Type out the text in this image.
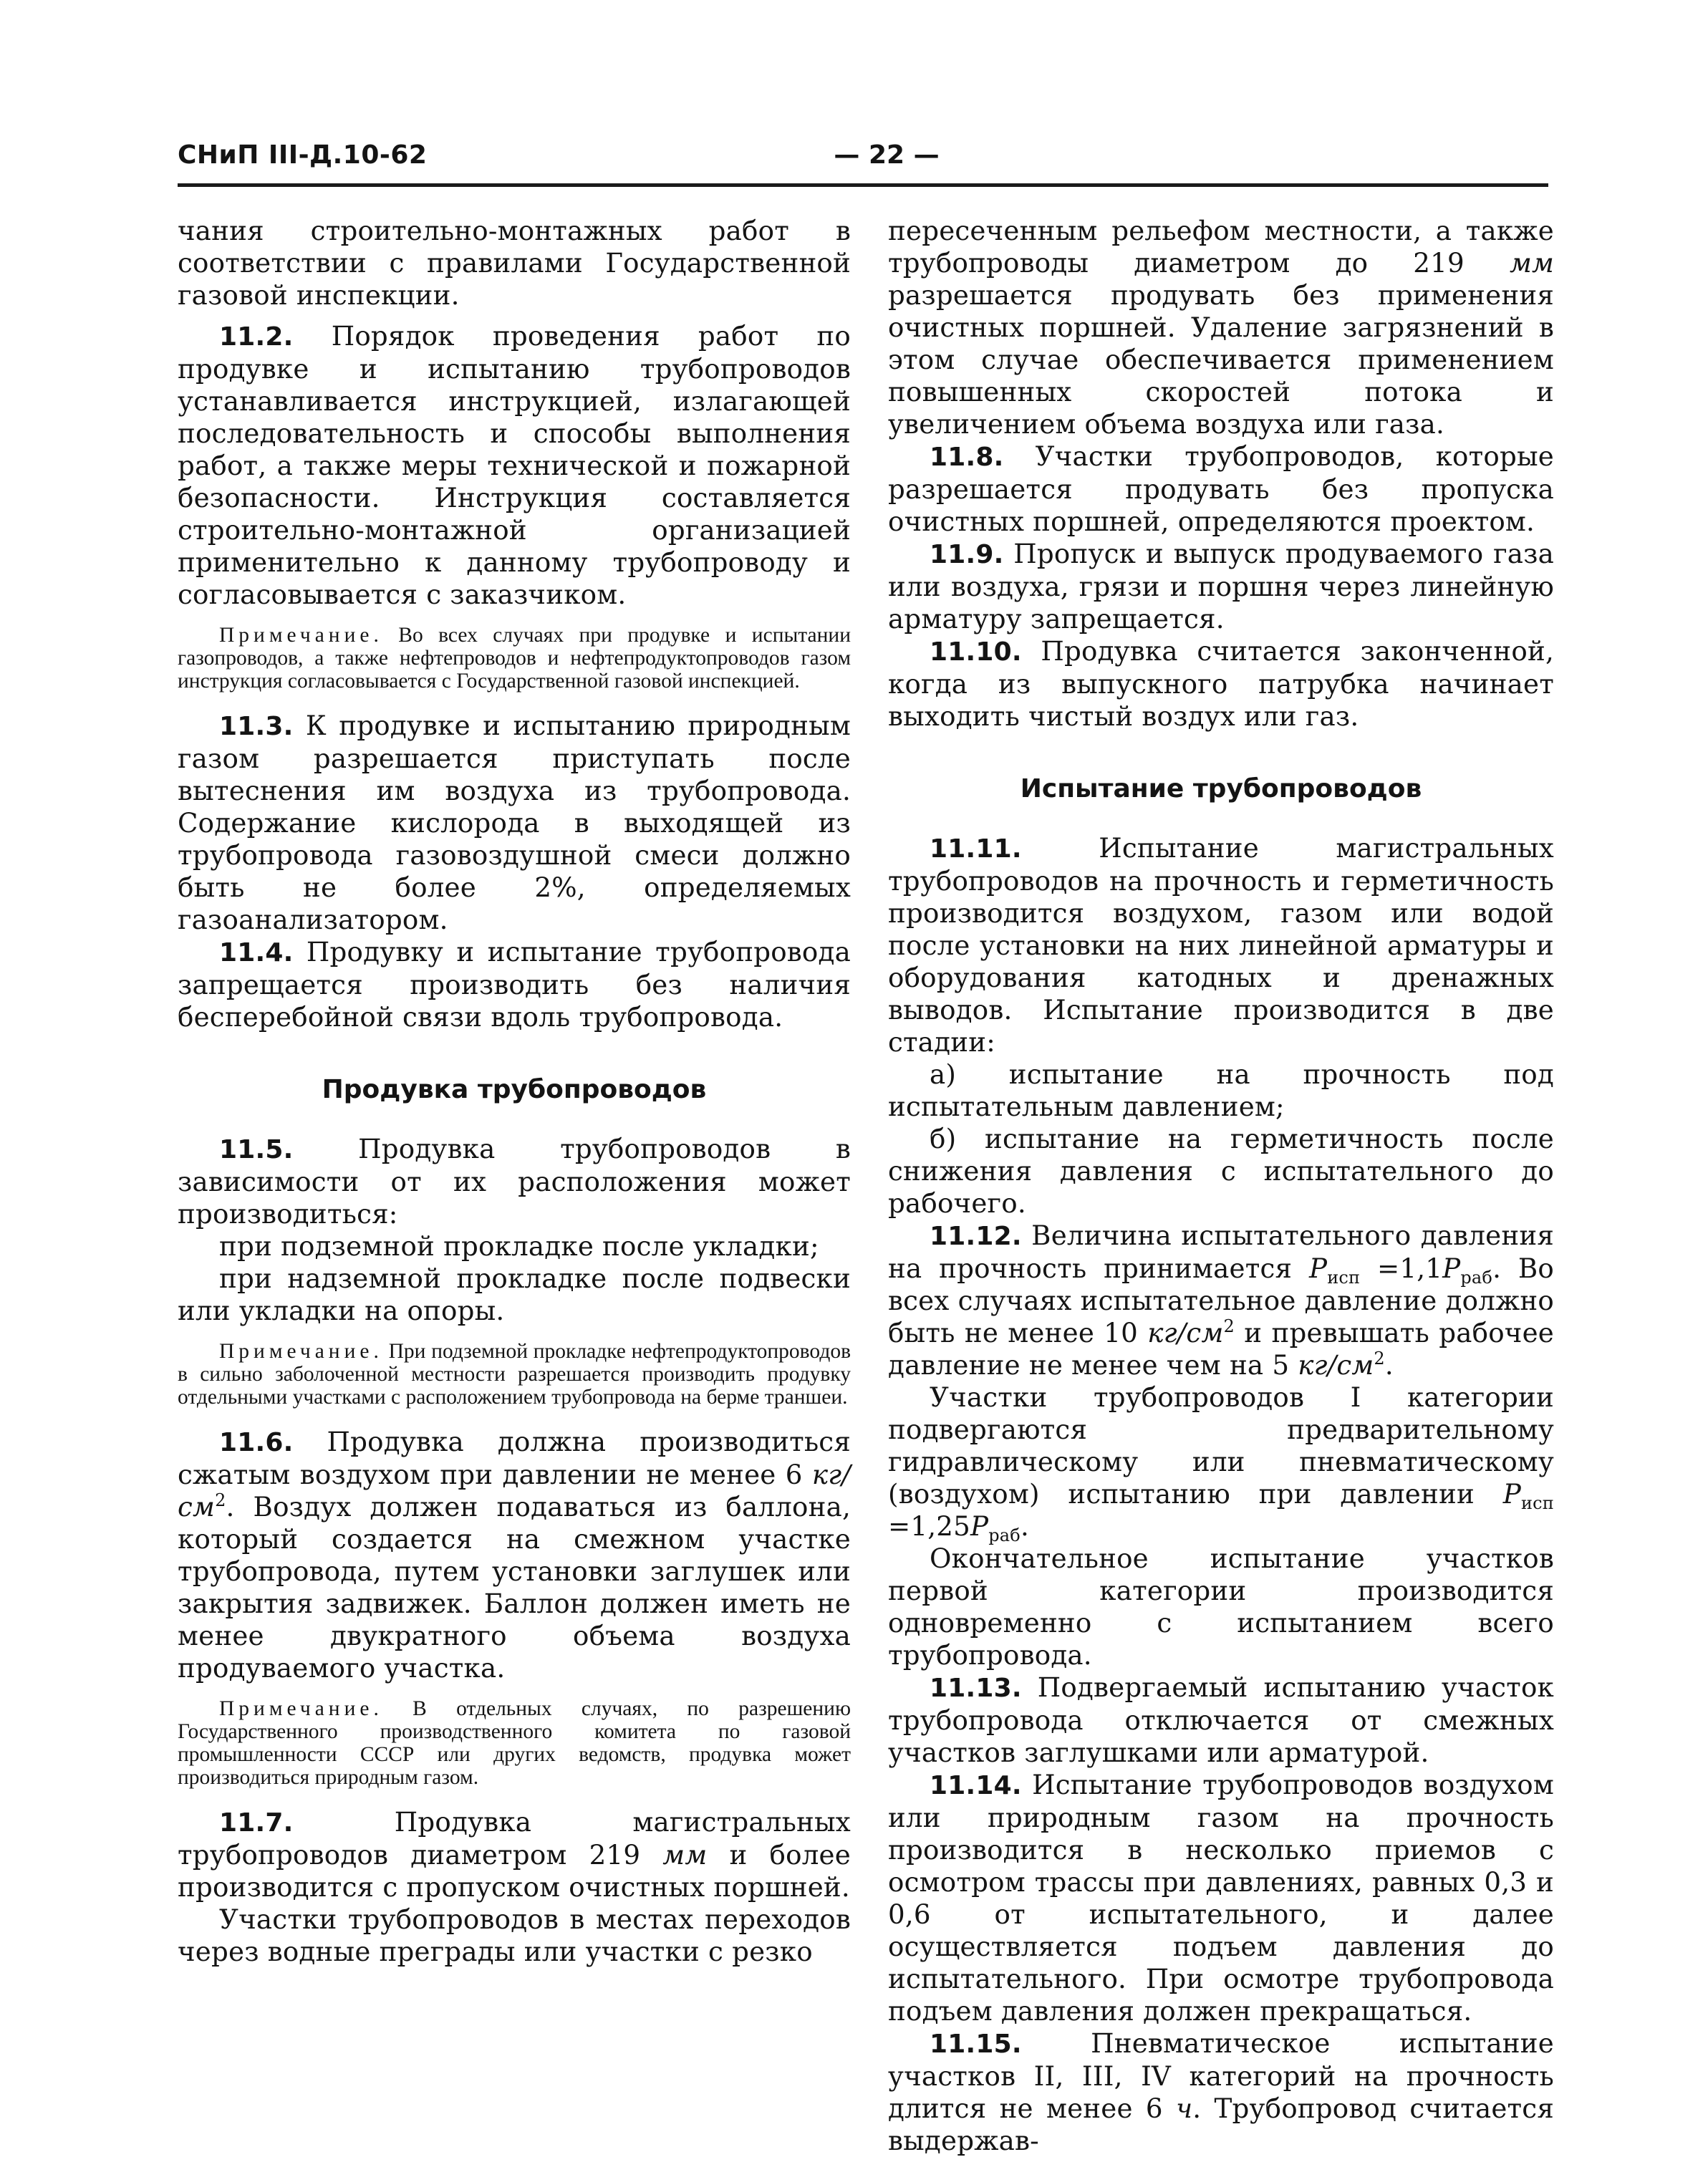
СНиП III-Д.10-62	— 22 —

чания строительно-монтажных работ в соответствии с правилами Государственной газовой инспекции.

11.2. Порядок проведения работ по продувке и испытанию трубопроводов устанавливается инструкцией, излагающей последовательность и способы выполнения работ, а также меры технической и пожарной безопасности. Инструкция составляется строительно-монтажной организацией применительно к данному трубопроводу и согласовывается с заказчиком.

Примечание. Во всех случаях при продувке и испытании газопроводов, а также нефтепроводов и нефтепродуктопроводов газом инструкция согласовывается с Государственной газовой инспекцией.

11.3. К продувке и испытанию природным газом разрешается приступать после вытеснения им воздуха из трубопровода. Содержание кислорода в выходящей из трубопровода газовоздушной смеси должно быть не более 2%, определяемых газоанализатором.

11.4. Продувку и испытание трубопровода запрещается производить без наличия бесперебойной связи вдоль трубопровода.

Продувка трубопроводов

11.5. Продувка трубопроводов в зависимости от их расположения может производиться:

при подземной прокладке после укладки;

при надземной прокладке после подвески или укладки на опоры.

Примечание. При подземной прокладке нефтепродуктопроводов в сильно заболоченной местности разрешается производить продувку отдельными участками с расположением трубопровода на берме траншеи.

11.6. Продувка должна производиться сжатым воздухом при давлении не менее 6 $кг/см^2$. Воздух должен подаваться из баллона, который создается на смежном участке трубопровода, путем установки заглушек или закрытия задвижек. Баллон должен иметь не менее двукратного объема воздуха продуваемого участка.

Примечание. В отдельных случаях, по разрешению Государственного производственного комитета по газовой промышленности СССР или других ведомств, продувка может производиться природным газом.

11.7.	Продувка магистральных трубопроводов диаметром 219 мм и более производится с пропуском очистных поршней.

Участки трубопроводов в местах переходов через водные преграды или участки с резко

пересеченным рельефом местности, а также трубопроводы диаметром до 219 мм разрешается продувать без применения очистных поршней. Удаление загрязнений в этом случае обеспечивается применением повышенных скоростей потока и увеличением объема воздуха или газа.

11.8. Участки трубопроводов, которые разрешается продувать без пропуска очистных поршней, определяются проектом.

11.9. Пропуск и выпуск продуваемого газа или воздуха, грязи и поршня через линейную арматуру запрещается.

11.10. Продувка считается законченной, когда из выпускного патрубка начинает выходить чистый воздух или газ.

Испытание трубопроводов

11.11.	Испытание магистральных трубопроводов на прочность и герметичность производится воздухом, газом или водой после установки на них линейной арматуры и оборудования катодных и дренажных выводов. Испытание производится в две стадии:

а) испытание на прочность под испытательным давлением;

б) испытание на герметичность после снижения давления с испытательного до рабочего.

11.12. Величина испытательного давления на прочность принимается $P_{исп} =1,1P_{раб}$. Во всех случаях испытательное давление должно быть не менее 10 $кг/см^2$ и превышать рабочее давление не менее чем на 5 $кг/см^2$.

Участки трубопроводов I категории подвергаются предварительному гидравлическому или пневматическому (воздухом) испытанию при давлении $P_{исп} =1,25P_{раб}$.

Окончательное испытание участков первой категории производится одновременно с испытанием всего трубопровода.

11.13. Подвергаемый испытанию участок трубопровода отключается от смежных участков заглушками или арматурой.

11.14. Испытание трубопроводов воздухом или природным газом на прочность производится в несколько приемов с осмотром трассы при давлениях, равных 0,3 и 0,6 от испытательного, и далее осуществляется подъем давления до испытательного. При осмотре трубопровода подъем давления должен прекращаться.

11.15.	Пневматическое испытание участков II, III, IV категорий на прочность длится не менее 6 ч. Трубопровод считается выдержав-
